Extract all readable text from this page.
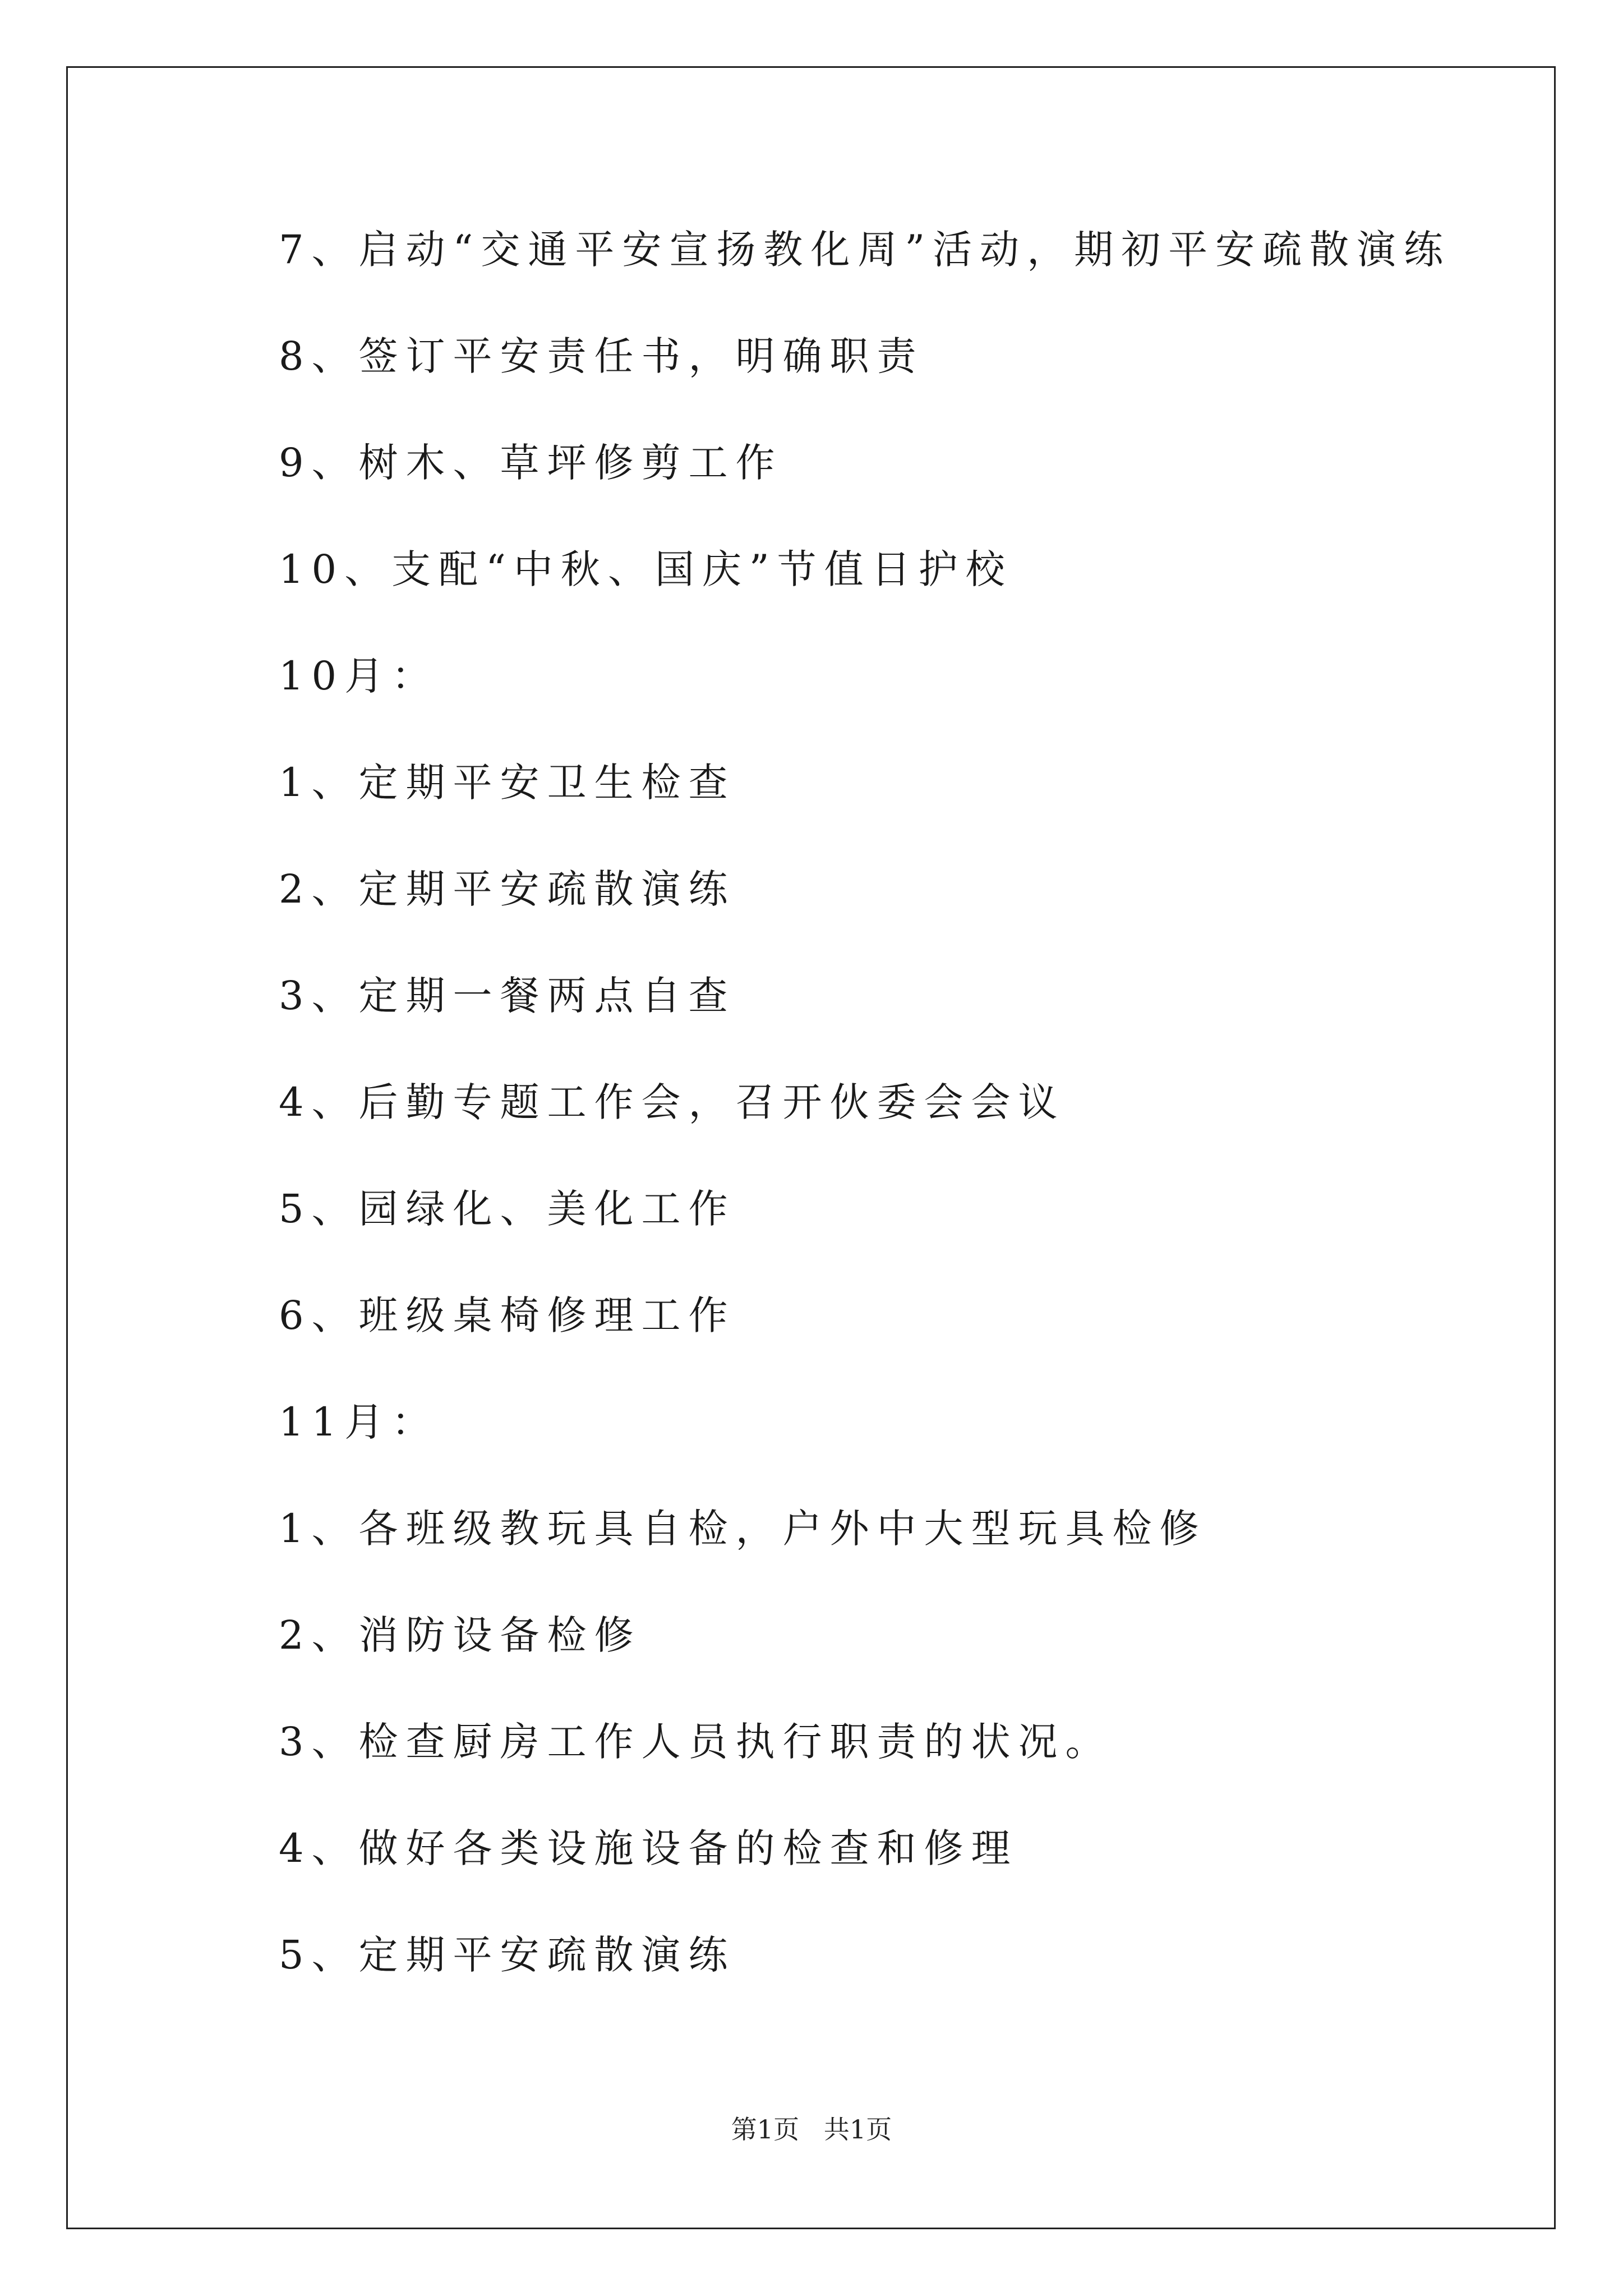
7、启动“交通平安宣扬教化周”活动，期初平安疏散演练
8、签订平安责任书，明确职责
9、树木、草坪修剪工作
10、支配“中秋、国庆”节值日护校
10月：
1、定期平安卫生检查
2、定期平安疏散演练
3、定期一餐两点自查
4、后勤专题工作会，召开伙委会会议
5、园绿化、美化工作
6、班级桌椅修理工作
11月：
1、各班级教玩具自检，户外中大型玩具检修
2、消防设备检修
3、检查厨房工作人员执行职责的状况。
4、做好各类设施设备的检查和修理
5、定期平安疏散演练
第1页   共1页
